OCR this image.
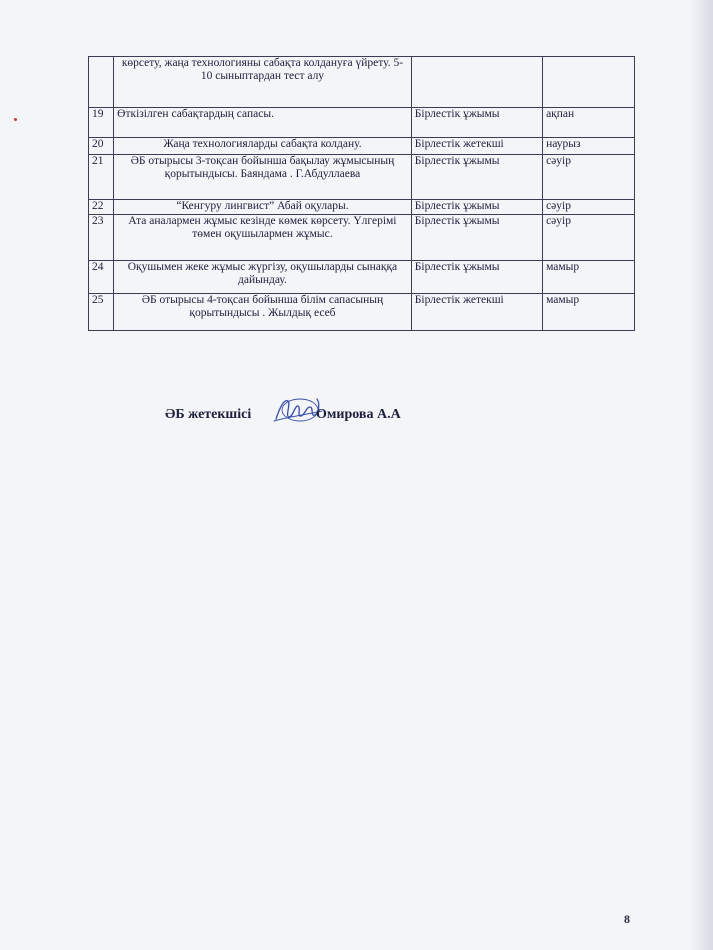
	көрсету, жаңа технологияны сабақта колдануға үйрету. 5-10 сыныптардан тест алу		
19	Өткізілген сабақтардың сапасы.	Бірлестік ұжымы	ақпан
20	Жаңа технологияларды сабақта колдану.	Бірлестік жетекші	наурыз
21	ӘБ отырысы 3-тоқсан бойынша бақылау жұмысының қорытындысы. Баяндама . Г.Абдуллаева	Бірлестік ұжымы	сәуір
22	“Кенгуру лингвист” Абай оқулары.	Бірлестік ұжымы	сәуір
23	Ата аналармен жұмыс кезінде көмек көрсету. Үлгерімі төмен оқушылармен жұмыс.	Бірлестік ұжымы	сәуір
24	Оқушымен жеке жұмыс жүргізу, оқушыларды сынаққа дайындау.	Бірлестік ұжымы	мамыр
25	ӘБ отырысы 4-тоқсан бойынша білім сапасының қорытындысы . Жылдық есеб	Бірлестік жетекші	мамыр
ӘБ жетекшісі	Омирова А.А
8
